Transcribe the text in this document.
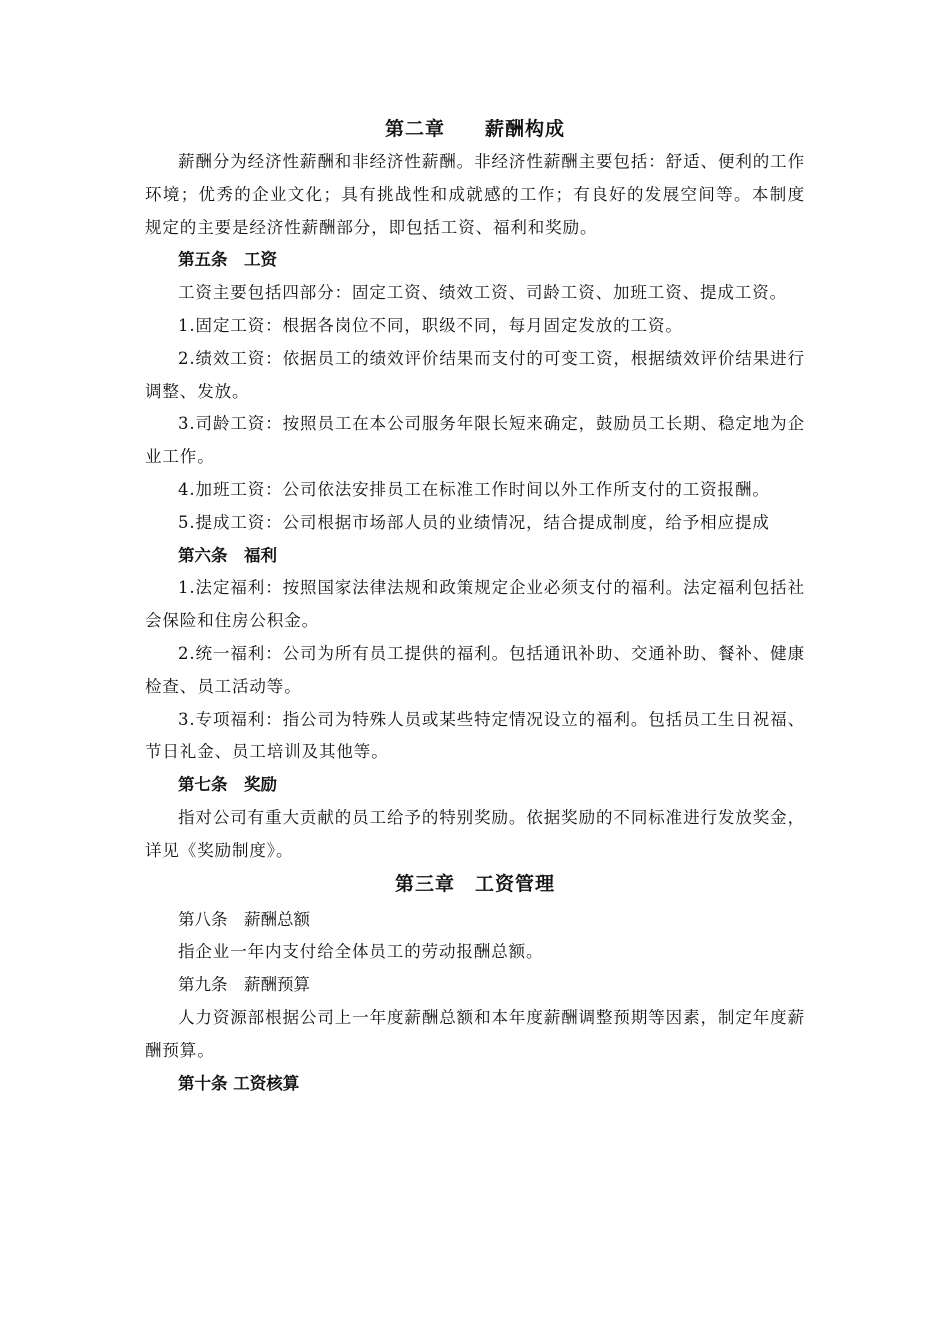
第二章　　薪酬构成

薪酬分为经济性薪酬和非经济性薪酬。非经济性薪酬主要包括：舒适、便利的工作环境；优秀的企业文化；具有挑战性和成就感的工作；有良好的发展空间等。本制度规定的主要是经济性薪酬部分，即包括工资、福利和奖励。

第五条　工资

工资主要包括四部分：固定工资、绩效工资、司龄工资、加班工资、提成工资。

1.固定工资：根据各岗位不同，职级不同，每月固定发放的工资。

2.绩效工资：依据员工的绩效评价结果而支付的可变工资，根据绩效评价结果进行调整、发放。

3.司龄工资：按照员工在本公司服务年限长短来确定，鼓励员工长期、稳定地为企业工作。

4.加班工资：公司依法安排员工在标准工作时间以外工作所支付的工资报酬。

5.提成工资：公司根据市场部人员的业绩情况，结合提成制度，给予相应提成

第六条　福利

1.法定福利：按照国家法律法规和政策规定企业必须支付的福利。法定福利包括社会保险和住房公积金。

2.统一福利：公司为所有员工提供的福利。包括通讯补助、交通补助、餐补、健康检查、员工活动等。

3.专项福利：指公司为特殊人员或某些特定情况设立的福利。包括员工生日祝福、节日礼金、员工培训及其他等。

第七条　奖励

指对公司有重大贡献的员工给予的特别奖励。依据奖励的不同标准进行发放奖金，详见《奖励制度》。

第三章　工资管理

第八条　薪酬总额

指企业一年内支付给全体员工的劳动报酬总额。

第九条　薪酬预算

人力资源部根据公司上一年度薪酬总额和本年度薪酬调整预期等因素，制定年度薪酬预算。

第十条 工资核算
